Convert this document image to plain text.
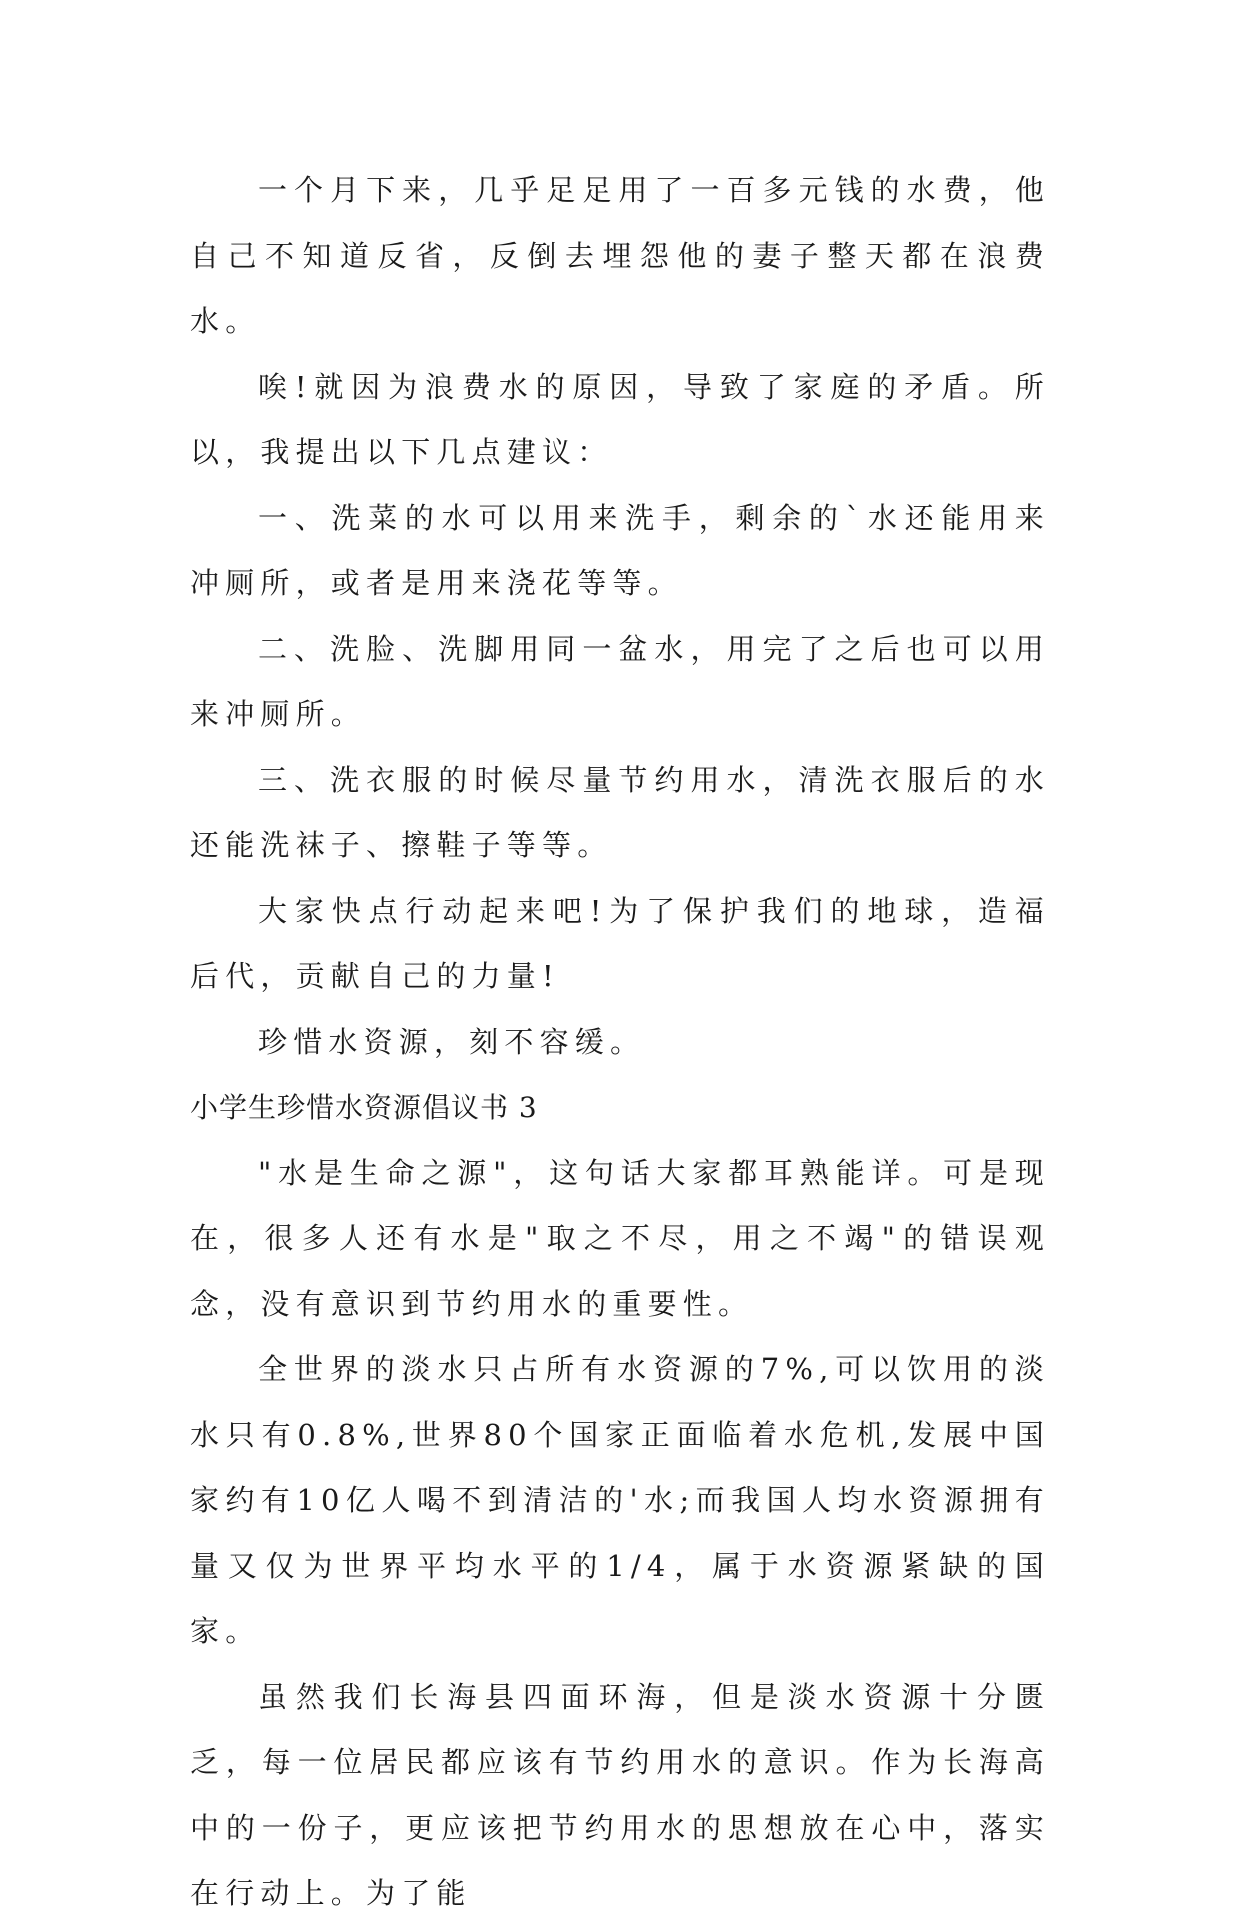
一个月下来，几乎足足用了一百多元钱的水费，他自己不知道反省，反倒去埋怨他的妻子整天都在浪费水。

唉!就因为浪费水的原因，导致了家庭的矛盾。所以，我提出以下几点建议：

一、洗菜的水可以用来洗手，剩余的`水还能用来冲厕所，或者是用来浇花等等。

二、洗脸、洗脚用同一盆水，用完了之后也可以用来冲厕所。

三、洗衣服的时候尽量节约用水，清洗衣服后的水还能洗袜子、擦鞋子等等。

大家快点行动起来吧!为了保护我们的地球，造福后代，贡献自己的力量!

珍惜水资源，刻不容缓。

小学生珍惜水资源倡议书 3

"水是生命之源"，这句话大家都耳熟能详。可是现在，很多人还有水是"取之不尽，用之不竭"的错误观念，没有意识到节约用水的重要性。

全世界的淡水只占所有水资源的7%,可以饮用的淡水只有0.8%,世界80个国家正面临着水危机,发展中国家约有10亿人喝不到清洁的'水;而我国人均水资源拥有量又仅为世界平均水平的1/4，属于水资源紧缺的国家。

虽然我们长海县四面环海，但是淡水资源十分匮乏，每一位居民都应该有节约用水的意识。作为长海高中的一份子，更应该把节约用水的思想放在心中，落实在行动上。为了能
